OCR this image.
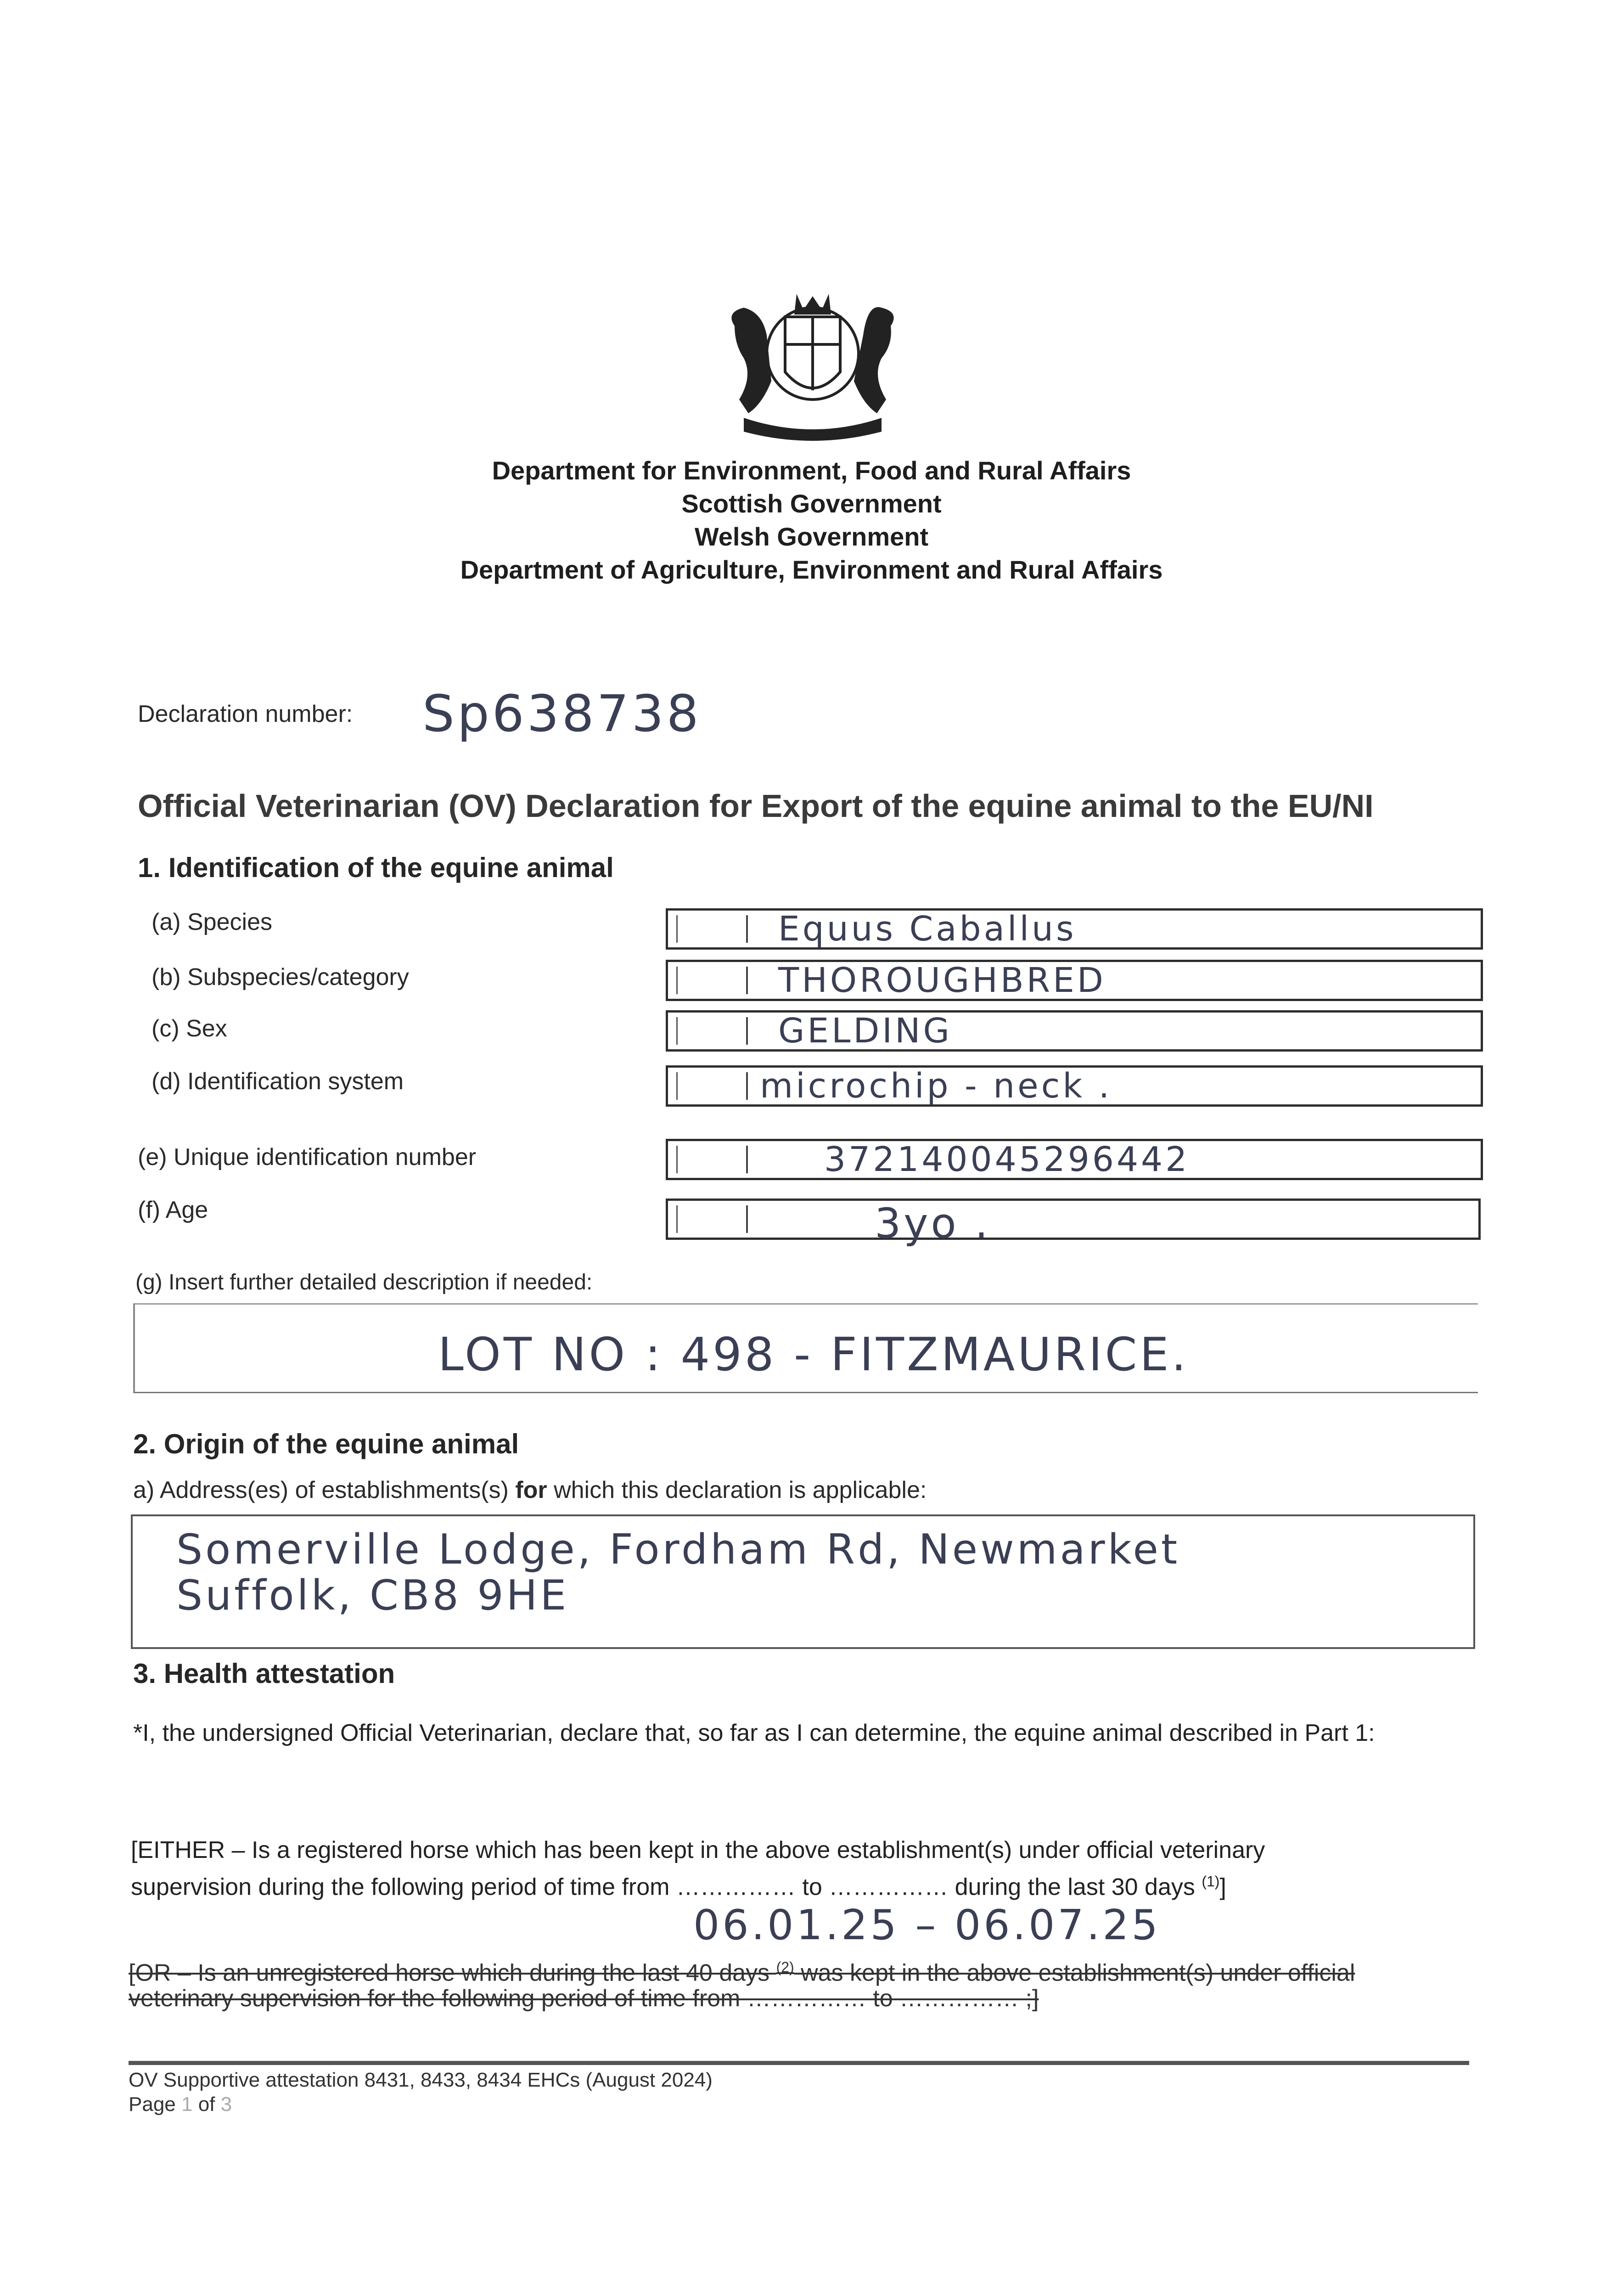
Department for Environment, Food and Rural Affairs
Scottish Government
Welsh Government
Department of Agriculture, Environment and Rural Affairs
Declaration number: Sp638738
Official Veterinarian (OV) Declaration for Export of the equine animal to the EU/NI
1. Identification of the equine animal
(a) Species	Equus Caballus
(b) Subspecies/category	THOROUGHBRED
(c) Sex	GELDING
(d) Identification system	microchip - neck .
(e) Unique identification number	372140045296442
(f) Age	3yo .
(g) Insert further detailed description if needed:
LOT NO : 498 - FITZMAURICE.
2. Origin of the equine animal
a) Address(es) of establishments(s) for which this declaration is applicable:
Somerville Lodge, Fordham Rd, Newmarket
Suffolk, CB8 9HE
3. Health attestation
*I, the undersigned Official Veterinarian, declare that, so far as I can determine, the equine animal described in Part 1:
[EITHER – Is a registered horse which has been kept in the above establishment(s) under official veterinary
supervision during the following period of time from …………… to …………… during the last 30 days $^{(1)}$]
06.01.25 – 06.07.25
[OR – Is an unregistered horse which during the last 40 days $^{(2)}$ was kept in the above establishment(s) under official
veterinary supervision for the following period of time from …………… to …………… ;]
OV Supportive attestation 8431, 8433, 8434 EHCs (August 2024)
Page 1 of 3
